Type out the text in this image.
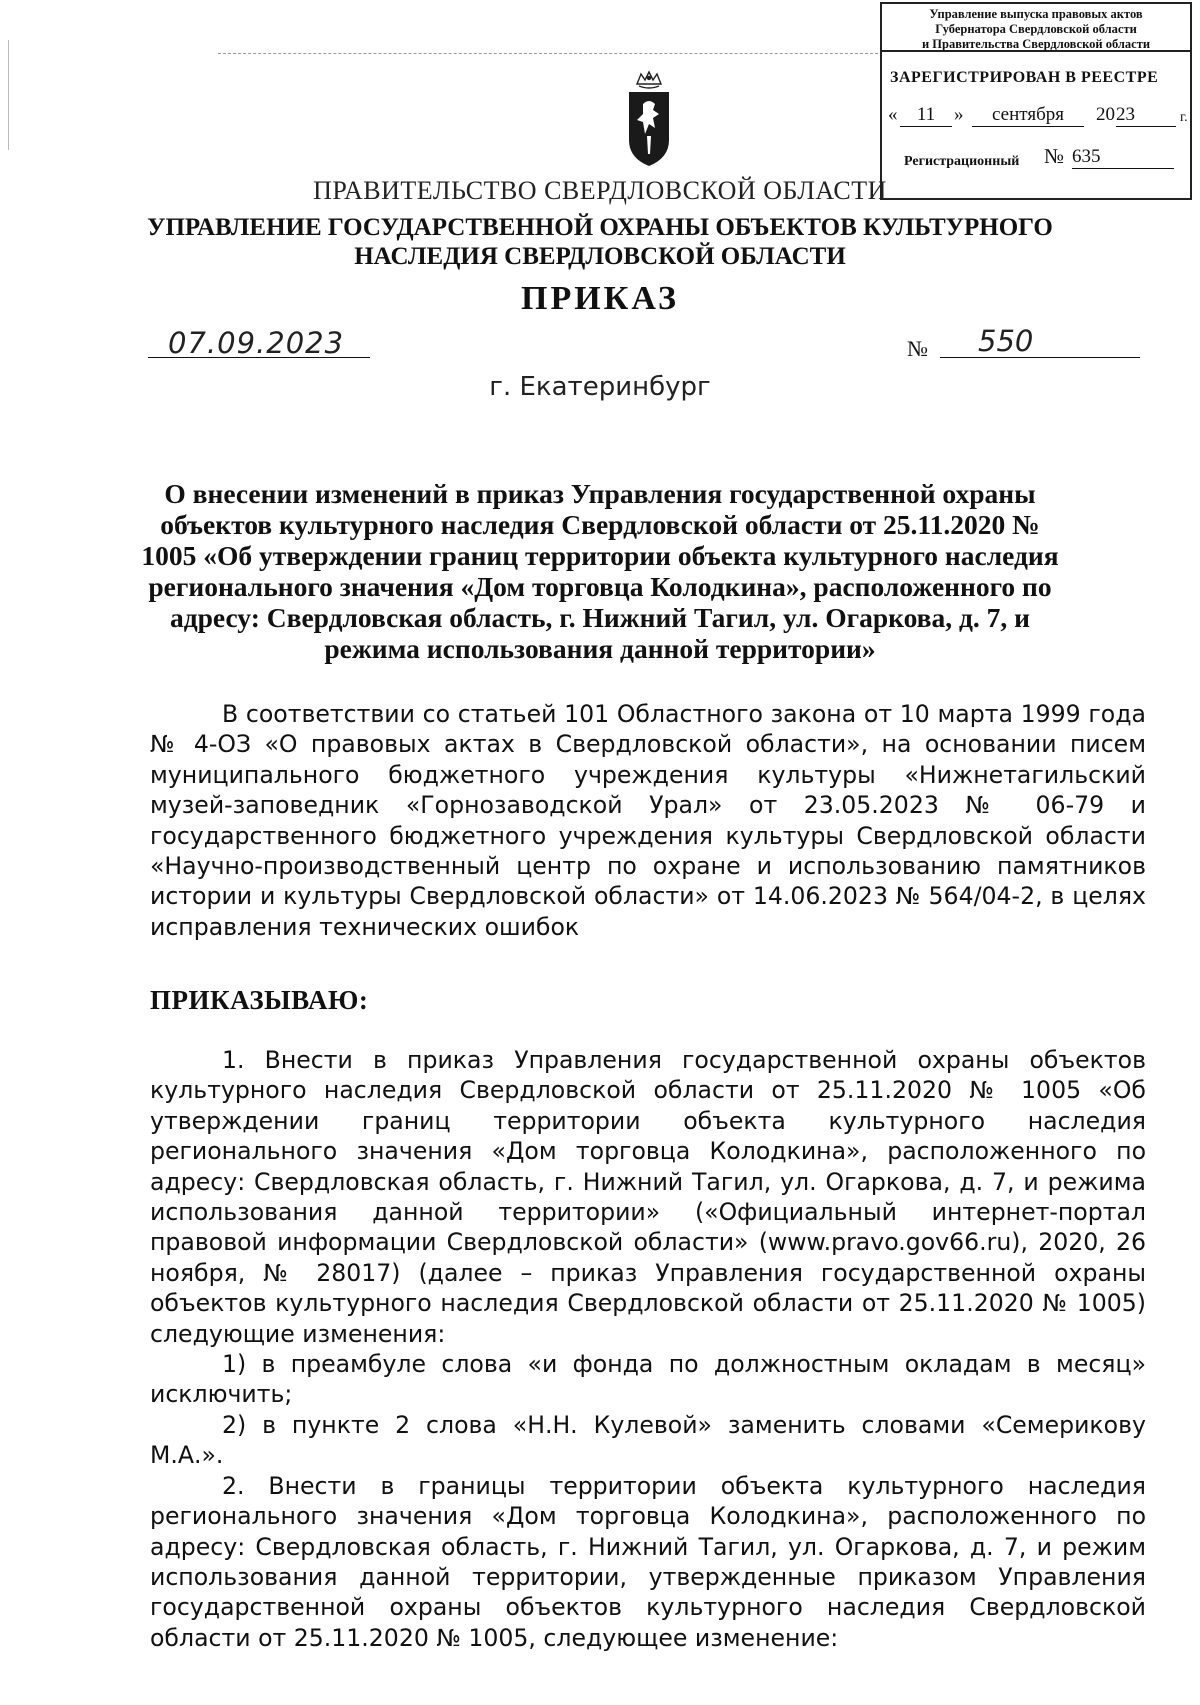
Управление выпуска правовых актов
Губернатора Свердловской области
и Правительства Свердловской области
ЗАРЕГИСТРИРОВАН В РЕЕСТРЕ
«	11 »	сентября	20 23	г.
Регистрационный № 635
ПРАВИТЕЛЬСТВО СВЕРДЛОВСКОЙ ОБЛАСТИ
УПРАВЛЕНИЕ ГОСУДАРСТВЕННОЙ ОХРАНЫ ОБЪЕКТОВ КУЛЬТУРНОГО НАСЛЕДИЯ СВЕРДЛОВСКОЙ ОБЛАСТИ
ПРИКАЗ
07.09.2023	№ 550
г. Екатеринбург
О внесении изменений в приказ Управления государственной охраны объектов культурного наследия Свердловской области от 25.11.2020 № 1005 «Об утверждении границ территории объекта культурного наследия регионального значения «Дом торговца Колодкина», расположенного по адресу: Свердловская область, г. Нижний Тагил, ул. Огаркова, д. 7, и режима использования данной территории»

В соответствии со статьей 101 Областного закона от 10 марта 1999 года № 4-ОЗ «О правовых актах в Свердловской области», на основании писем муниципального бюджетного учреждения культуры «Нижнетагильский музей-заповедник «Горнозаводской Урал» от 23.05.2023 № 06-79 и государственного бюджетного учреждения культуры Свердловской области «Научно-производственный центр по охране и использованию памятников истории и культуры Свердловской области» от 14.06.2023 № 564/04-2, в целях исправления технических ошибок

ПРИКАЗЫВАЮ:

1. Внести в приказ Управления государственной охраны объектов культурного наследия Свердловской области от 25.11.2020 № 1005 «Об утверждении границ территории объекта культурного наследия регионального значения «Дом торговца Колодкина», расположенного по адресу: Свердловская область, г. Нижний Тагил, ул. Огаркова, д. 7, и режима использования данной территории» («Официальный интернет-портал правовой информации Свердловской области» (www.pravo.gov66.ru), 2020, 26 ноября, № 28017) (далее – приказ Управления государственной охраны объектов культурного наследия Свердловской области от 25.11.2020 № 1005) следующие изменения:

1) в преамбуле слова «и фонда по должностным окладам в месяц» исключить;

2) в пункте 2 слова «Н.Н. Кулевой» заменить словами «Семерикову М.А.».

2. Внести в границы территории объекта культурного наследия регионального значения «Дом торговца Колодкина», расположенного по адресу: Свердловская область, г. Нижний Тагил, ул. Огаркова, д. 7, и режим использования данной территории, утвержденные приказом Управления государственной охраны объектов культурного наследия Свердловской области от 25.11.2020 № 1005, следующее изменение:
